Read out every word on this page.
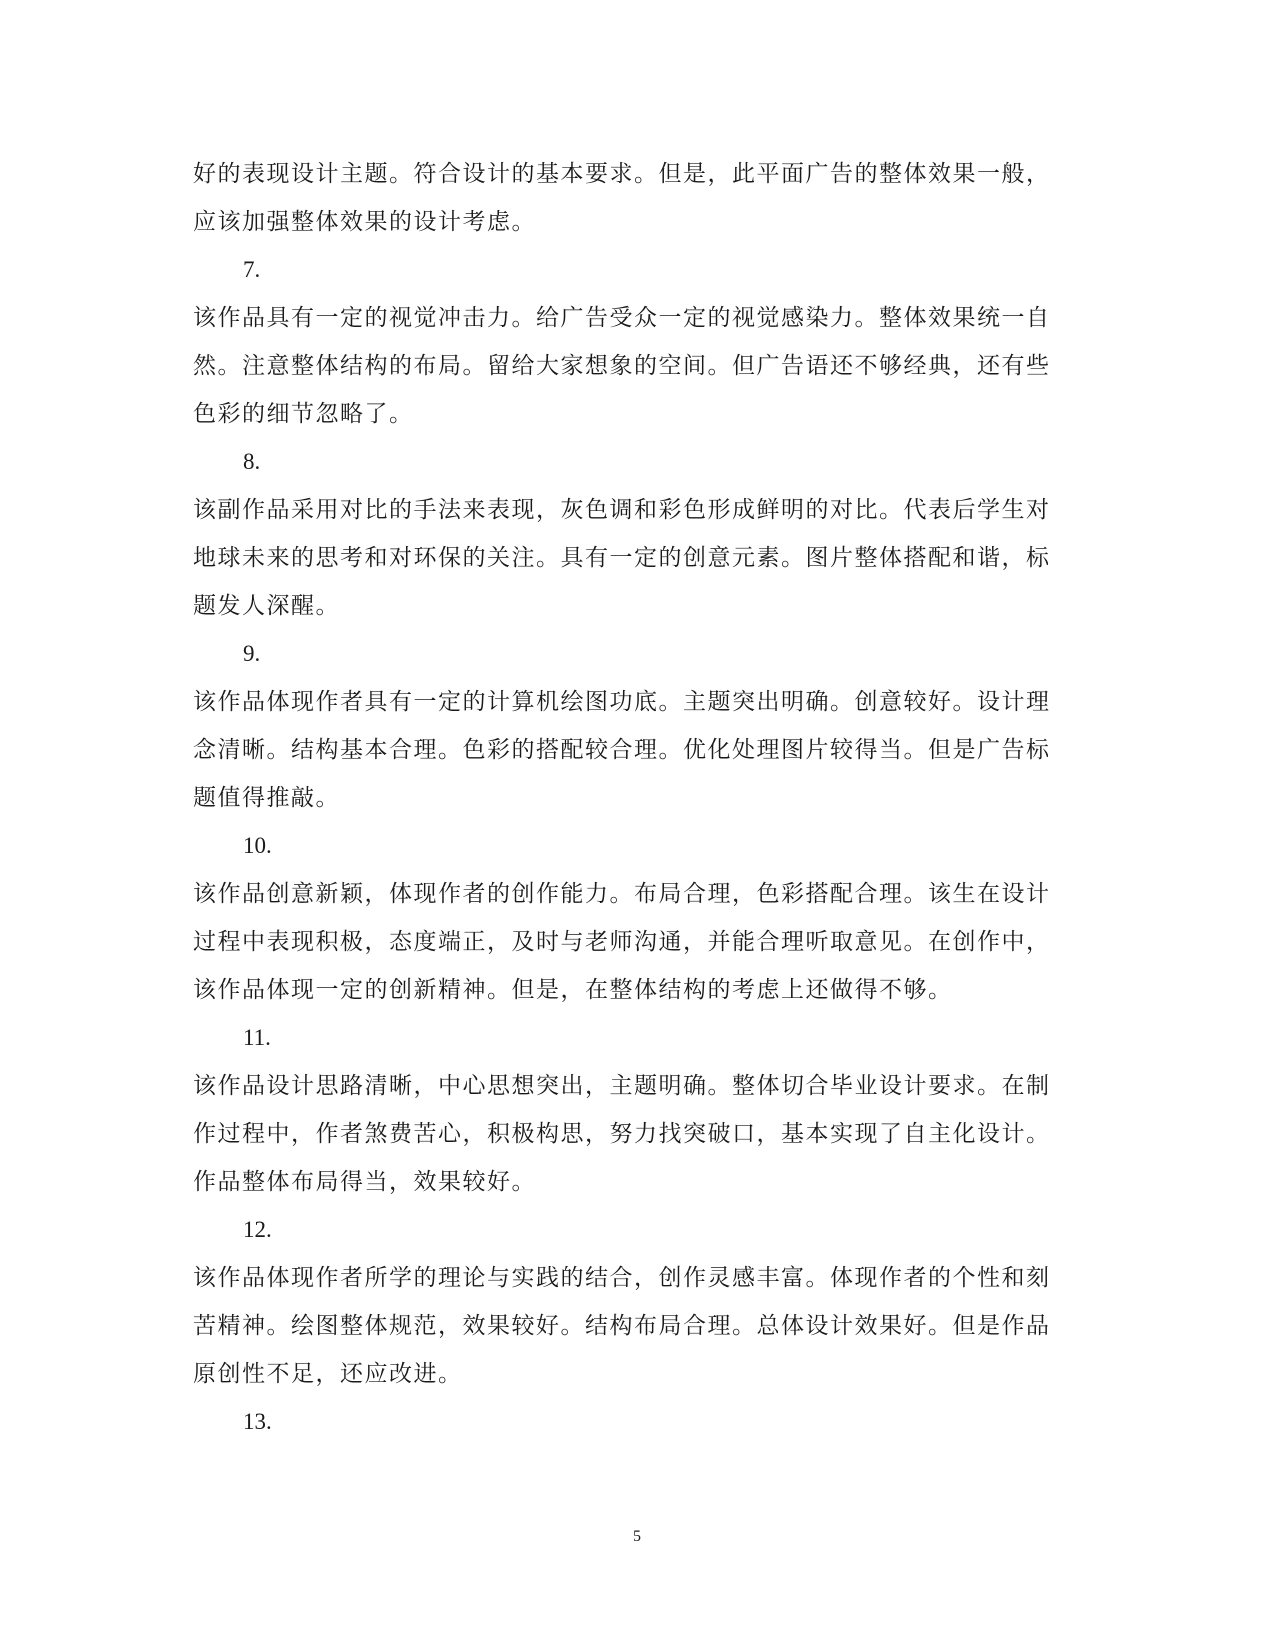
好的表现设计主题。符合设计的基本要求。但是，此平面广告的整体效果一般，
应该加强整体效果的设计考虑。
7.
该作品具有一定的视觉冲击力。给广告受众一定的视觉感染力。整体效果统一自
然。注意整体结构的布局。留给大家想象的空间。但广告语还不够经典，还有些
色彩的细节忽略了。
8.
该副作品采用对比的手法来表现，灰色调和彩色形成鲜明的对比。代表后学生对
地球未来的思考和对环保的关注。具有一定的创意元素。图片整体搭配和谐，标
题发人深醒。
9.
该作品体现作者具有一定的计算机绘图功底。主题突出明确。创意较好。设计理
念清晰。结构基本合理。色彩的搭配较合理。优化处理图片较得当。但是广告标
题值得推敲。
10.
该作品创意新颖，体现作者的创作能力。布局合理，色彩搭配合理。该生在设计
过程中表现积极，态度端正，及时与老师沟通，并能合理听取意见。在创作中，
该作品体现一定的创新精神。但是，在整体结构的考虑上还做得不够。
11.
该作品设计思路清晰，中心思想突出，主题明确。整体切合毕业设计要求。在制
作过程中，作者煞费苦心，积极构思，努力找突破口，基本实现了自主化设计。
作品整体布局得当，效果较好。
12.
该作品体现作者所学的理论与实践的结合，创作灵感丰富。体现作者的个性和刻
苦精神。绘图整体规范，效果较好。结构布局合理。总体设计效果好。但是作品
原创性不足，还应改进。
13.
5
